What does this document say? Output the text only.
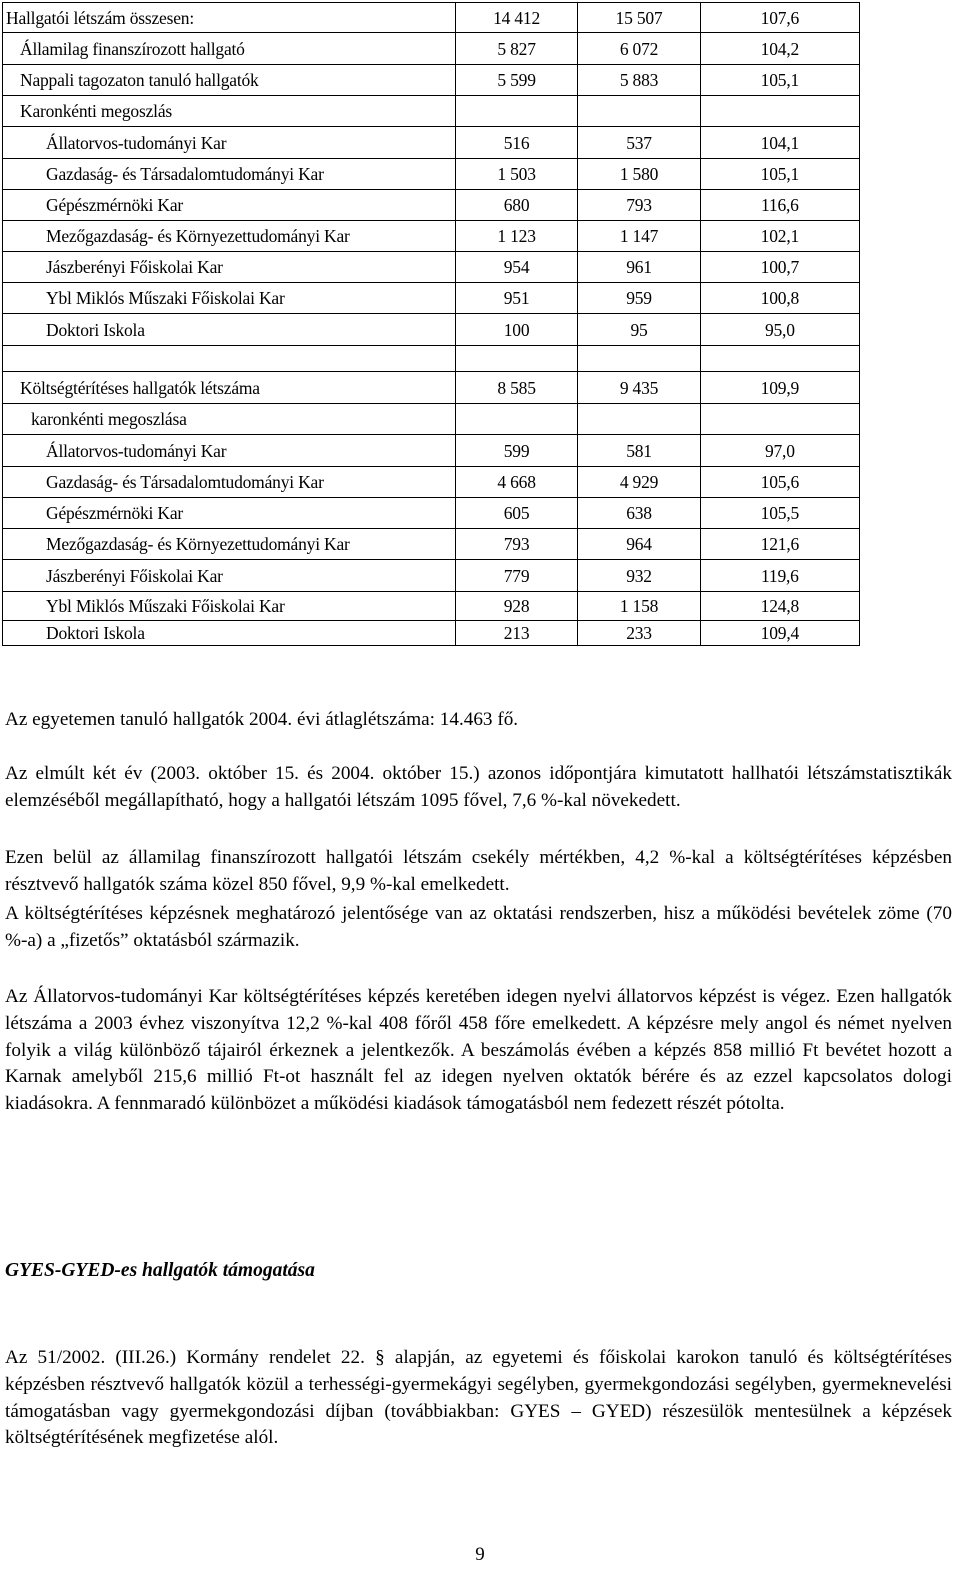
Hallgatói létszám összesen:	14 412	15 507	107,6
Államilag finanszírozott hallgató	5 827	6 072	104,2
Nappali tagozaton tanuló hallgatók	5 599	5 883	105,1
Karonkénti megoszlás			
Állatorvos-tudományi Kar	516	537	104,1
Gazdaság- és Társadalomtudományi Kar	1 503	1 580	105,1
Gépészmérnöki Kar	680	793	116,6
Mezőgazdaság- és Környezettudományi Kar	1 123	1 147	102,1
Jászberényi Főiskolai Kar	954	961	100,7
Ybl Miklós Műszaki Főiskolai Kar	951	959	100,8
Doktori Iskola	100	95	95,0

Költségtérítéses hallgatók létszáma	8 585	9 435	109,9
karonkénti megoszlása			
Állatorvos-tudományi Kar	599	581	97,0
Gazdaság- és Társadalomtudományi Kar	4 668	4 929	105,6
Gépészmérnöki Kar	605	638	105,5
Mezőgazdaság- és Környezettudományi Kar	793	964	121,6
Jászberényi Főiskolai Kar	779	932	119,6
Ybl Miklós Műszaki Főiskolai Kar	928	1 158	124,8
Doktori Iskola	213	233	109,4

Az egyetemen tanuló hallgatók 2004. évi átlaglétszáma: 14.463 fő.

Az elmúlt két év (2003. október 15. és 2004. október 15.) azonos időpontjára kimutatott hallhatói létszámstatisztikák elemzéséből megállapítható, hogy a hallgatói létszám 1095 fővel, 7,6 %-kal növekedett.

Ezen belül az államilag finanszírozott hallgatói létszám csekély mértékben, 4,2 %-kal a költségtérítéses képzésben résztvevő hallgatók száma közel 850 fővel, 9,9 %-kal emelkedett.

A költségtérítéses képzésnek meghatározó jelentősége van az oktatási rendszerben, hisz a működési bevételek zöme (70 %-a) a „fizetős” oktatásból származik.

Az Állatorvos-tudományi Kar költségtérítéses képzés keretében idegen nyelvi állatorvos képzést is végez. Ezen hallgatók létszáma a 2003 évhez viszonyítva 12,2 %-kal 408 főről 458 főre emelkedett. A képzésre mely angol és német nyelven folyik a világ különböző tájairól érkeznek a jelentkezők. A beszámolás évében a képzés 858 millió Ft bevétet hozott a Karnak amelyből 215,6 millió Ft-ot használt fel az idegen nyelven oktatók bérére és az ezzel kapcsolatos dologi kiadásokra. A fennmaradó különbözet a működési kiadások támogatásból nem fedezett részét pótolta.

GYES-GYED-es hallgatók támogatása

Az 51/2002. (III.26.) Kormány rendelet 22. § alapján, az egyetemi és főiskolai karokon tanuló és költségtérítéses képzésben résztvevő hallgatók közül a terhességi-gyermekágyi segélyben, gyermekgondozási segélyben, gyermeknevelési támogatásban vagy gyermekgondozási díjban (továbbiakban: GYES – GYED) részesülök mentesülnek a képzések költségtérítésének megfizetése alól.

9
